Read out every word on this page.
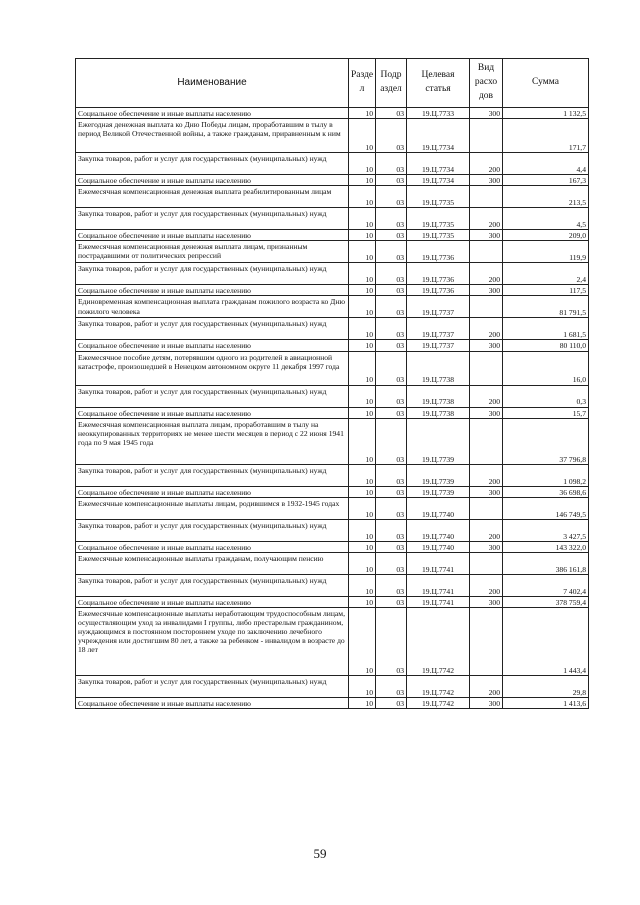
Наименование	Разде л	Подр аздел	Целевая статья	Вид расхо дов	Сумма
Социальное обеспечение и иные выплаты населению	10	03	19.Ц.7733	300	1 132,5
Ежегодная денежная выплата ко Дню Победы лицам, проработавшим в тылу в период Великой Отечественной войны, а также гражданам, приравненным к ним	10	03	19.Ц.7734		171,7
Закупка товаров, работ и услуг для государственных (муниципальных) нужд	10	03	19.Ц.7734	200	4,4
Социальное обеспечение и иные выплаты населению	10	03	19.Ц.7734	300	167,3
Ежемесячная компенсационная денежная выплата реабилитированным лицам	10	03	19.Ц.7735		213,5
Закупка товаров, работ и услуг для государственных (муниципальных) нужд	10	03	19.Ц.7735	200	4,5
Социальное обеспечение и иные выплаты населению	10	03	19.Ц.7735	300	209,0
Ежемесячная компенсационная денежная выплата лицам, признанным пострадавшими от политических репрессий	10	03	19.Ц.7736		119,9
Закупка товаров, работ и услуг для государственных (муниципальных) нужд	10	03	19.Ц.7736	200	2,4
Социальное обеспечение и иные выплаты населению	10	03	19.Ц.7736	300	117,5
Единовременная компенсационная выплата гражданам пожилого возраста ко Дню пожилого человека	10	03	19.Ц.7737		81 791,5
Закупка товаров, работ и услуг для государственных (муниципальных) нужд	10	03	19.Ц.7737	200	1 681,5
Социальное обеспечение и иные выплаты населению	10	03	19.Ц.7737	300	80 110,0
Ежемесячное пособие детям, потерявшим одного из родителей в авиационной катастрофе, произошедшей в Ненецком автономном округе 11 декабря 1997 года	10	03	19.Ц.7738		16,0
Закупка товаров, работ и услуг для государственных (муниципальных) нужд	10	03	19.Ц.7738	200	0,3
Социальное обеспечение и иные выплаты населению	10	03	19.Ц.7738	300	15,7
Ежемесячная компенсационная выплата лицам, проработавшим в тылу на неоккупированных территориях не менее шести месяцев в период с 22 июня 1941 года по 9 мая 1945 года	10	03	19.Ц.7739		37 796,8
Закупка товаров, работ и услуг для государственных (муниципальных) нужд	10	03	19.Ц.7739	200	1 098,2
Социальное обеспечение и иные выплаты населению	10	03	19.Ц.7739	300	36 698,6
Ежемесячные компенсационные выплаты лицам, родившимся в 1932-1945 годах	10	03	19.Ц.7740		146 749,5
Закупка товаров, работ и услуг для государственных (муниципальных) нужд	10	03	19.Ц.7740	200	3 427,5
Социальное обеспечение и иные выплаты населению	10	03	19.Ц.7740	300	143 322,0
Ежемесячные компенсационные выплаты гражданам, получающим пенсию	10	03	19.Ц.7741		386 161,8
Закупка товаров, работ и услуг для государственных (муниципальных) нужд	10	03	19.Ц.7741	200	7 402,4
Социальное обеспечение и иные выплаты населению	10	03	19.Ц.7741	300	378 759,4
Ежемесячные компенсационные выплаты неработающим трудоспособным лицам, осуществляющим уход за инвалидами I группы, либо престарелым гражданином, нуждающимся в постоянном постороннем уходе по заключению лечебного учреждения или достигшим 80 лет, а также за ребенком - инвалидом в возрасте до 18 лет	10	03	19.Ц.7742		1 443,4
Закупка товаров, работ и услуг для государственных (муниципальных) нужд	10	03	19.Ц.7742	200	29,8
Социальное обеспечение и иные выплаты населению	10	03	19.Ц.7742	300	1 413,6
59
